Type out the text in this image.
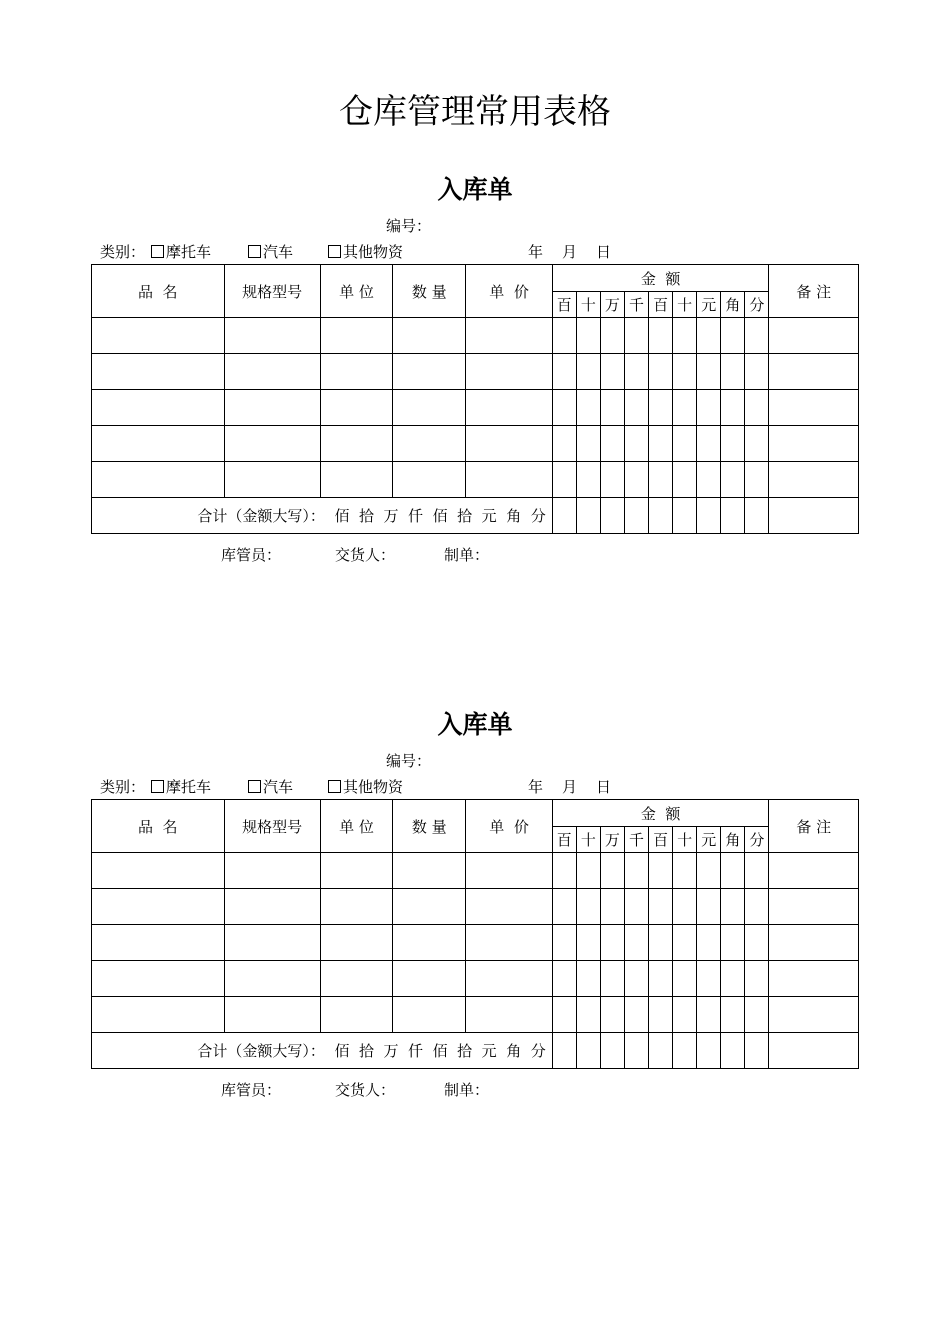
仓库管理常用表格
入库单
编号：
类别：	摩托车	汽车	其他物资	年 月 日
品  名	规格型号	单 位	数 量	单  价	金  额									备 注
					百	十	万	千	百	十	元	角	分	

合计（金额大写）：  佰  拾  万  仟  佰  拾  元  角  分														
库管员：	交货人：	制单：
入库单
编号：
类别：	摩托车	汽车	其他物资	年 月 日
品  名	规格型号	单 位	数 量	单  价	金  额									备 注
					百	十	万	千	百	十	元	角	分	

合计（金额大写）：  佰  拾  万  仟  佰  拾  元  角  分														
库管员：	交货人：	制单：
